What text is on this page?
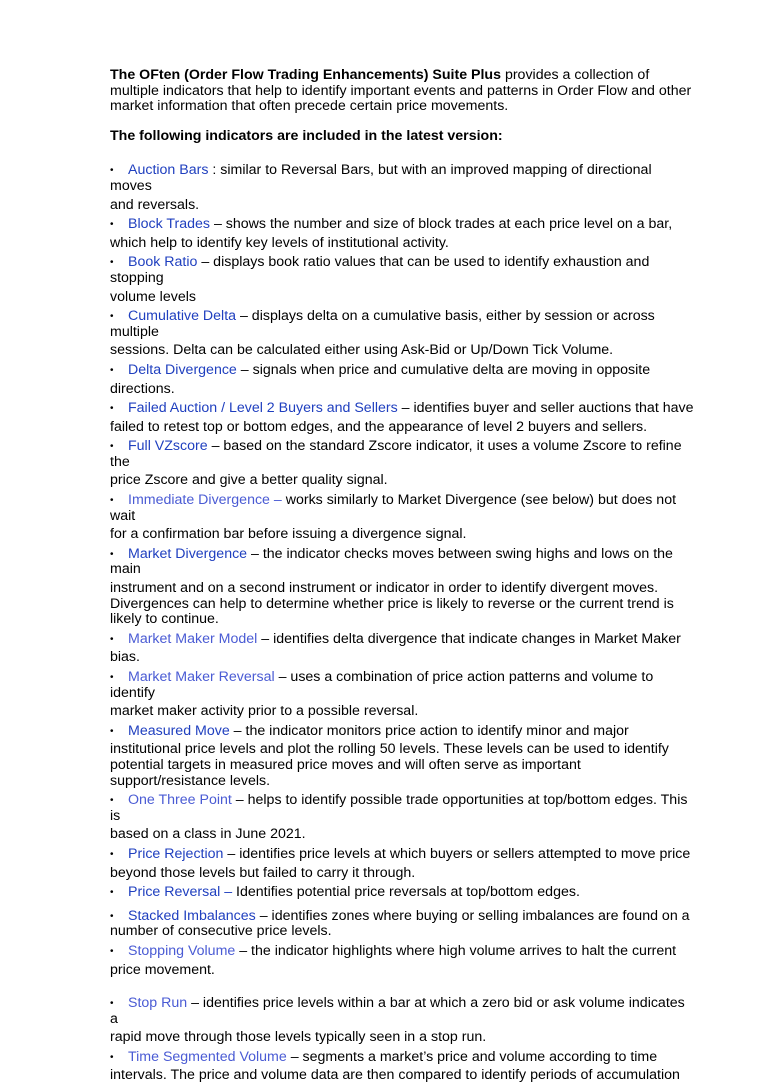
The OFten (Order Flow Trading Enhancements) Suite Plus provides a collection of multiple indicators that help to identify important events and patterns in Order Flow and other market information that often precede certain price movements.

The following indicators are included in the latest version:

• Auction Bars : similar to Reversal Bars, but with an improved mapping of directional moves
and reversals.
• Block Trades – shows the number and size of block trades at each price level on a bar,
which help to identify key levels of institutional activity.
• Book Ratio – displays book ratio values that can be used to identify exhaustion and stopping
volume levels
• Cumulative Delta – displays delta on a cumulative basis, either by session or across multiple
sessions. Delta can be calculated either using Ask-Bid or Up/Down Tick Volume.
• Delta Divergence – signals when price and cumulative delta are moving in opposite
directions.
• Failed Auction / Level 2 Buyers and Sellers – identifies buyer and seller auctions that have
failed to retest top or bottom edges, and the appearance of level 2 buyers and sellers.
• Full VZscore – based on the standard Zscore indicator, it uses a volume Zscore to refine the
price Zscore and give a better quality signal.
• Immediate Divergence – works similarly to Market Divergence (see below) but does not wait
for a confirmation bar before issuing a divergence signal.
• Market Divergence – the indicator checks moves between swing highs and lows on the main
instrument and on a second instrument or indicator in order to identify divergent moves.
Divergences can help to determine whether price is likely to reverse or the current trend is
likely to continue.
• Market Maker Model – identifies delta divergence that indicate changes in Market Maker
bias.
• Market Maker Reversal – uses a combination of price action patterns and volume to identify
market maker activity prior to a possible reversal.
• Measured Move – the indicator monitors price action to identify minor and major
institutional price levels and plot the rolling 50 levels. These levels can be used to identify
potential targets in measured price moves and will often serve as important
support/resistance levels.
• One Three Point – helps to identify possible trade opportunities at top/bottom edges. This is
based on a class in June 2021.
• Price Rejection – identifies price levels at which buyers or sellers attempted to move price
beyond those levels but failed to carry it through.
• Price Reversal – Identifies potential price reversals at top/bottom edges.
• Stacked Imbalances – identifies zones where buying or selling imbalances are found on a
number of consecutive price levels.
• Stopping Volume – the indicator highlights where high volume arrives to halt the current
price movement.
• Stop Run – identifies price levels within a bar at which a zero bid or ask volume indicates a
rapid move through those levels typically seen in a stop run.
• Time Segmented Volume – segments a market’s price and volume according to time
intervals. The price and volume data are then compared to identify periods of accumulation
